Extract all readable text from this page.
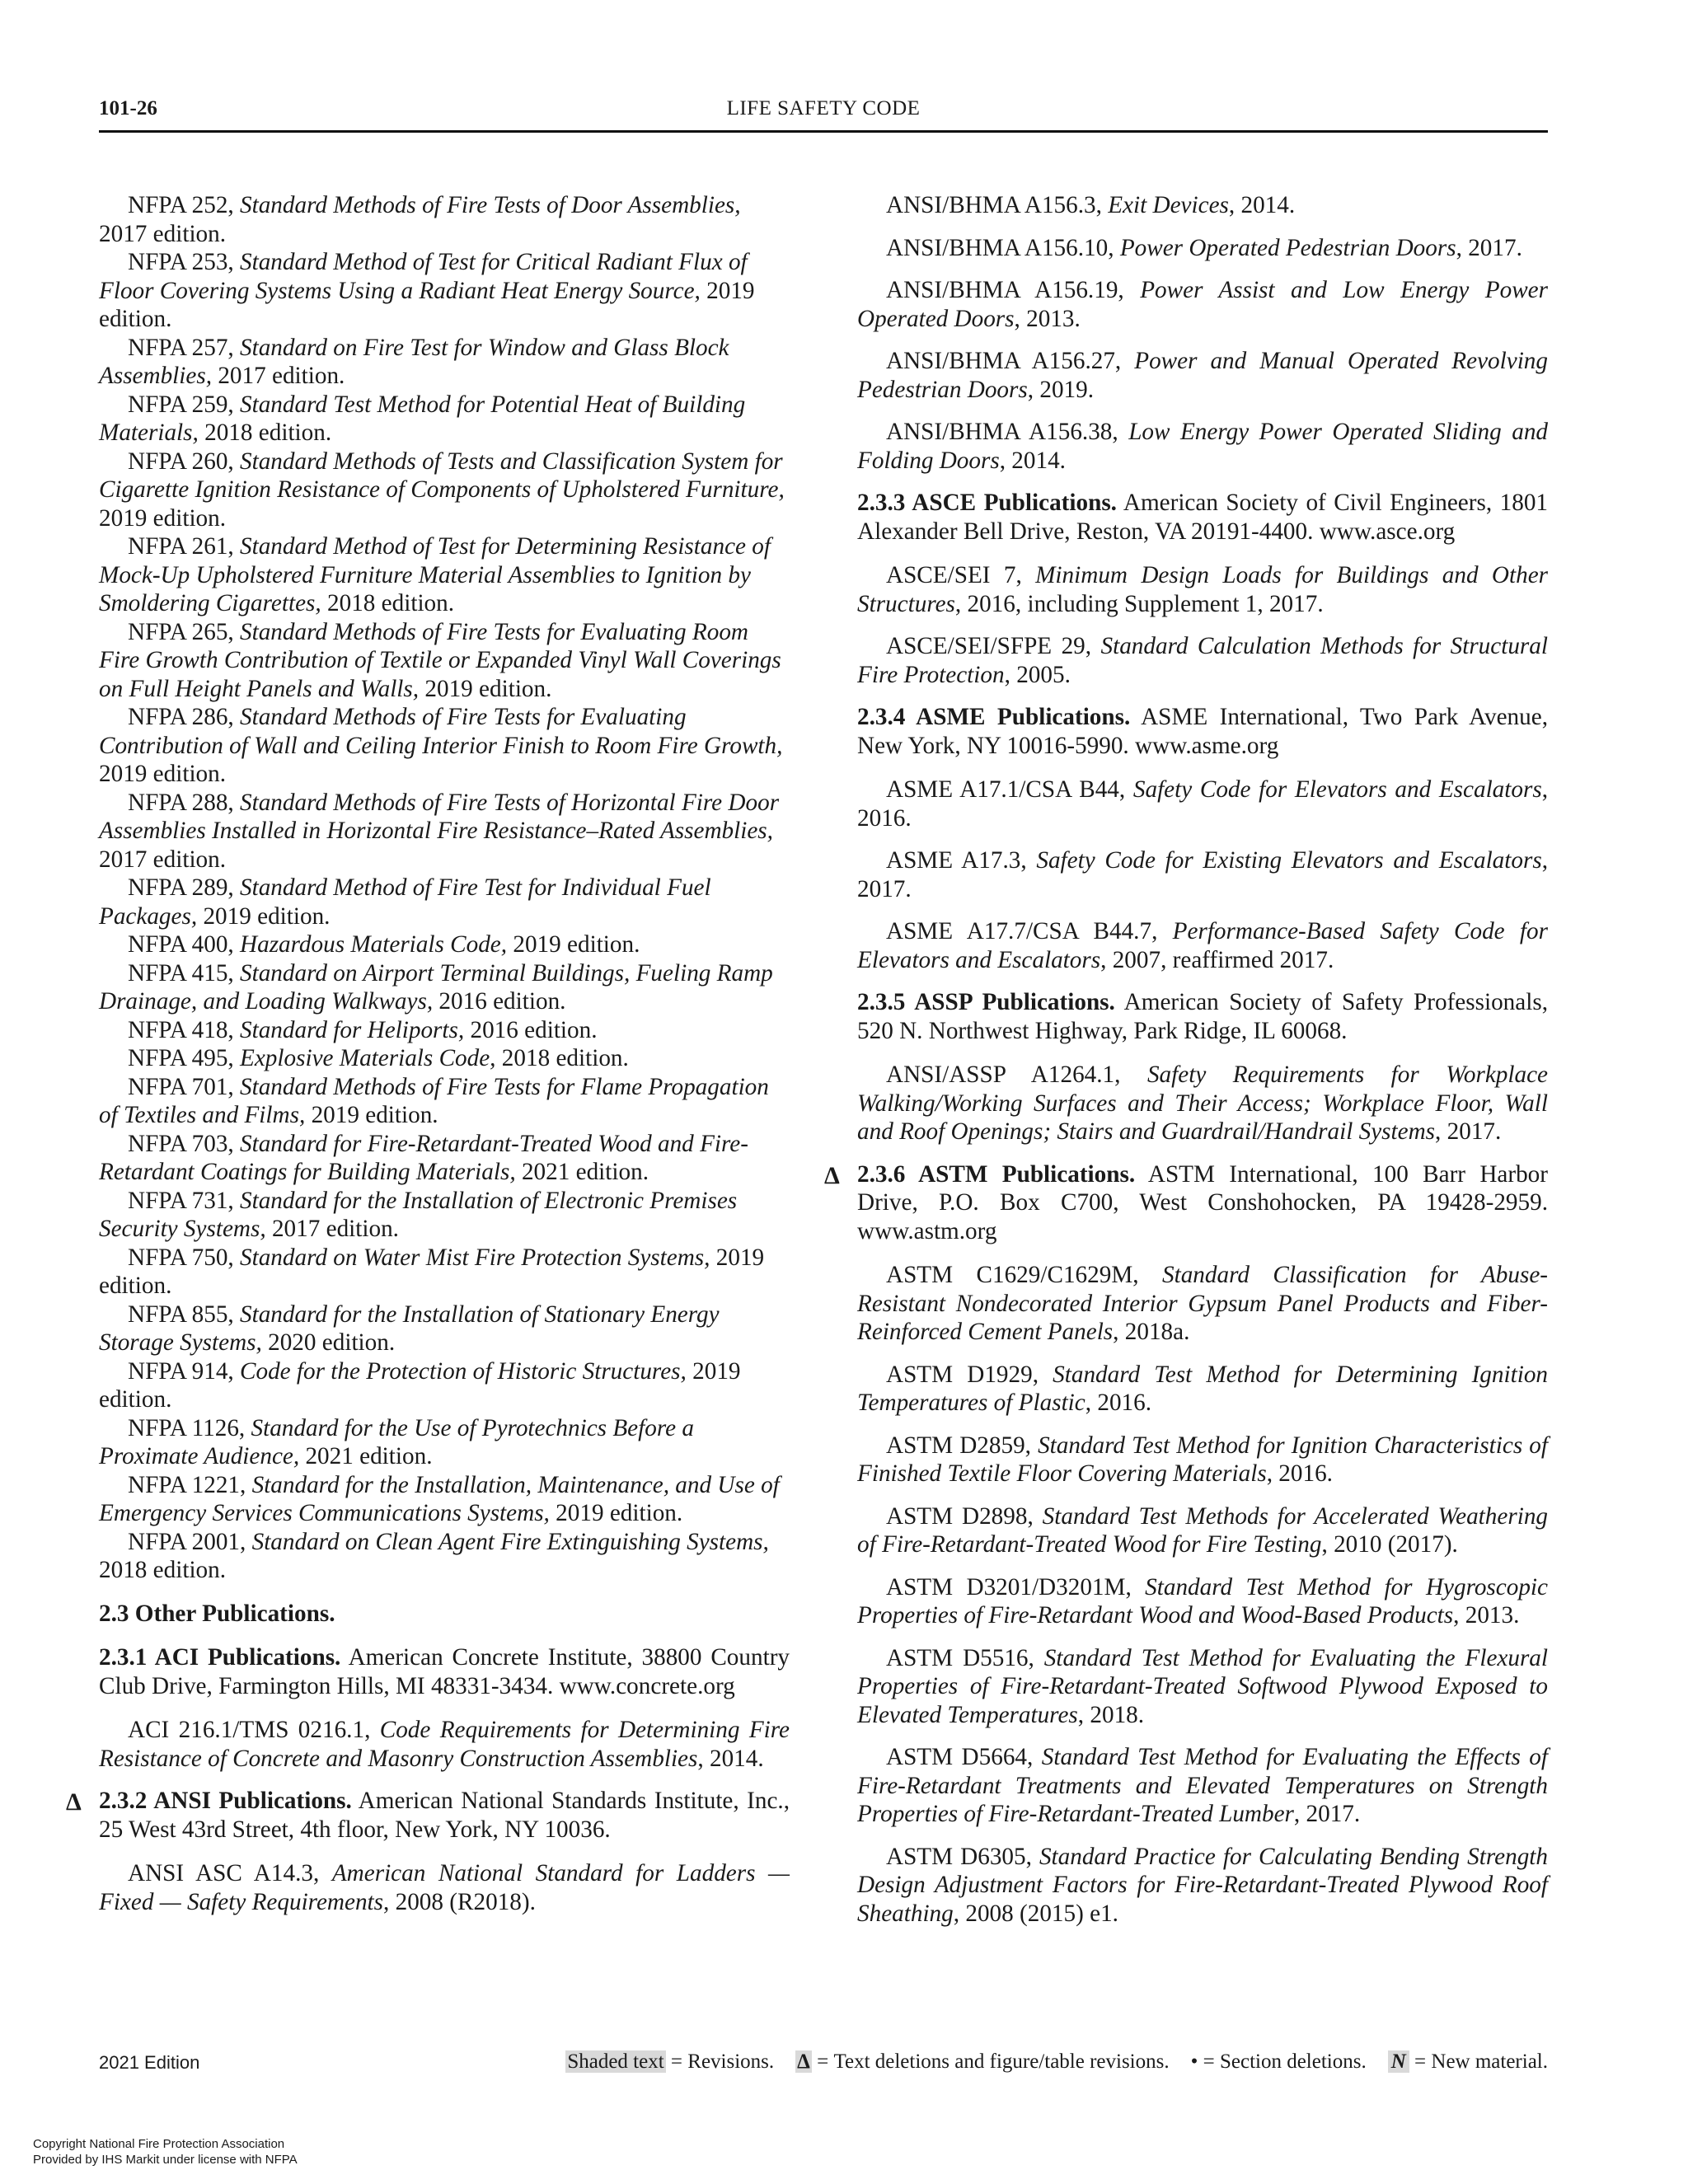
101-26	LIFE SAFETY CODE

NFPA 252, Standard Methods of Fire Tests of Door Assemblies, 2017 edition.

NFPA 253, Standard Method of Test for Critical Radiant Flux of Floor Covering Systems Using a Radiant Heat Energy Source, 2019 edition.

NFPA 257, Standard on Fire Test for Window and Glass Block Assemblies, 2017 edition.

NFPA 259, Standard Test Method for Potential Heat of Building Materials, 2018 edition.

NFPA 260, Standard Methods of Tests and Classification System for Cigarette Ignition Resistance of Components of Upholstered Furniture, 2019 edition.

NFPA 261, Standard Method of Test for Determining Resistance of Mock-Up Upholstered Furniture Material Assemblies to Ignition by Smoldering Cigarettes, 2018 edition.

NFPA 265, Standard Methods of Fire Tests for Evaluating Room Fire Growth Contribution of Textile or Expanded Vinyl Wall Coverings on Full Height Panels and Walls, 2019 edition.

NFPA 286, Standard Methods of Fire Tests for Evaluating Contribution of Wall and Ceiling Interior Finish to Room Fire Growth, 2019 edition.

NFPA 288, Standard Methods of Fire Tests of Horizontal Fire Door Assemblies Installed in Horizontal Fire Resistance–Rated Assemblies, 2017 edition.

NFPA 289, Standard Method of Fire Test for Individual Fuel Packages, 2019 edition.

NFPA 400, Hazardous Materials Code, 2019 edition.

NFPA 415, Standard on Airport Terminal Buildings, Fueling Ramp Drainage, and Loading Walkways, 2016 edition.

NFPA 418, Standard for Heliports, 2016 edition.

NFPA 495, Explosive Materials Code, 2018 edition.

NFPA 701, Standard Methods of Fire Tests for Flame Propagation of Textiles and Films, 2019 edition.

NFPA 703, Standard for Fire-Retardant-Treated Wood and Fire-Retardant Coatings for Building Materials, 2021 edition.

NFPA 731, Standard for the Installation of Electronic Premises Security Systems, 2017 edition.

NFPA 750, Standard on Water Mist Fire Protection Systems, 2019 edition.

NFPA 855, Standard for the Installation of Stationary Energy Storage Systems, 2020 edition.

NFPA 914, Code for the Protection of Historic Structures, 2019 edition.

NFPA 1126, Standard for the Use of Pyrotechnics Before a Proximate Audience, 2021 edition.

NFPA 1221, Standard for the Installation, Maintenance, and Use of Emergency Services Communications Systems, 2019 edition.

NFPA 2001, Standard on Clean Agent Fire Extinguishing Systems, 2018 edition.

2.3 Other Publications.

2.3.1 ACI Publications. American Concrete Institute, 38800 Country Club Drive, Farmington Hills, MI 48331-3434. www.concrete.org

ACI 216.1/TMS 0216.1, Code Requirements for Determining Fire Resistance of Concrete and Masonry Construction Assemblies, 2014.

Δ 2.3.2 ANSI Publications. American National Standards Institute, Inc., 25 West 43rd Street, 4th floor, New York, NY 10036.

ANSI ASC A14.3, American National Standard for Ladders — Fixed — Safety Requirements, 2008 (R2018).

ANSI/BHMA A156.3, Exit Devices, 2014.

ANSI/BHMA A156.10, Power Operated Pedestrian Doors, 2017.

ANSI/BHMA A156.19, Power Assist and Low Energy Power Operated Doors, 2013.

ANSI/BHMA A156.27, Power and Manual Operated Revolving Pedestrian Doors, 2019.

ANSI/BHMA A156.38, Low Energy Power Operated Sliding and Folding Doors, 2014.

2.3.3 ASCE Publications. American Society of Civil Engineers, 1801 Alexander Bell Drive, Reston, VA 20191-4400. www.asce.org

ASCE/SEI 7, Minimum Design Loads for Buildings and Other Structures, 2016, including Supplement 1, 2017.

ASCE/SEI/SFPE 29, Standard Calculation Methods for Structural Fire Protection, 2005.

2.3.4 ASME Publications. ASME International, Two Park Avenue, New York, NY 10016-5990. www.asme.org

ASME A17.1/CSA B44, Safety Code for Elevators and Escalators, 2016.

ASME A17.3, Safety Code for Existing Elevators and Escalators, 2017.

ASME A17.7/CSA B44.7, Performance-Based Safety Code for Elevators and Escalators, 2007, reaffirmed 2017.

2.3.5 ASSP Publications. American Society of Safety Professionals, 520 N. Northwest Highway, Park Ridge, IL 60068.

ANSI/ASSP A1264.1, Safety Requirements for Workplace Walking/Working Surfaces and Their Access; Workplace Floor, Wall and Roof Openings; Stairs and Guardrail/Handrail Systems, 2017.

Δ 2.3.6 ASTM Publications. ASTM International, 100 Barr Harbor Drive, P.O. Box C700, West Conshohocken, PA 19428-2959. www.astm.org

ASTM C1629/C1629M, Standard Classification for Abuse-Resistant Nondecorated Interior Gypsum Panel Products and Fiber-Reinforced Cement Panels, 2018a.

ASTM D1929, Standard Test Method for Determining Ignition Temperatures of Plastic, 2016.

ASTM D2859, Standard Test Method for Ignition Characteristics of Finished Textile Floor Covering Materials, 2016.

ASTM D2898, Standard Test Methods for Accelerated Weathering of Fire-Retardant-Treated Wood for Fire Testing, 2010 (2017).

ASTM D3201/D3201M, Standard Test Method for Hygroscopic Properties of Fire-Retardant Wood and Wood-Based Products, 2013.

ASTM D5516, Standard Test Method for Evaluating the Flexural Properties of Fire-Retardant-Treated Softwood Plywood Exposed to Elevated Temperatures, 2018.

ASTM D5664, Standard Test Method for Evaluating the Effects of Fire-Retardant Treatments and Elevated Temperatures on Strength Properties of Fire-Retardant-Treated Lumber, 2017.

ASTM D6305, Standard Practice for Calculating Bending Strength Design Adjustment Factors for Fire-Retardant-Treated Plywood Roof Sheathing, 2008 (2015) e1.

2021 Edition	Shaded text = Revisions. Δ = Text deletions and figure/table revisions. • = Section deletions. N = New material.
Copyright National Fire Protection Association
Provided by IHS Markit under license with NFPA
